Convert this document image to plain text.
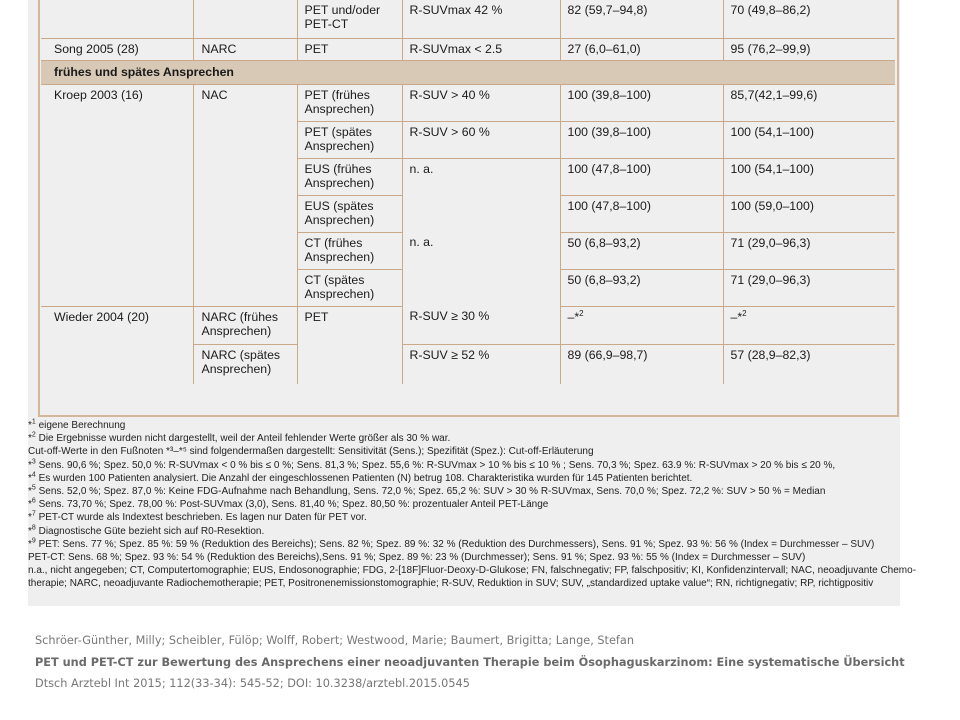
		PET und/oder PET-CT	R-SUVmax 42 %	82 (59,7–94,8)	70 (49,8–86,2)
Song 2005 (28)	NARC	PET	R-SUVmax < 2.5	27 (6,0–61,0)	95 (76,2–99,9)
frühes und spätes Ansprechen					
Kroep 2003 (16)	NAC	PET (frühes Ansprechen)	R-SUV > 40 %	100 (39,8–100)	85,7(42,1–99,6)
		PET (spätes Ansprechen)	R-SUV > 60 %	100 (39,8–100)	100 (54,1–100)
		EUS (frühes Ansprechen)	n. a.	100 (47,8–100)	100 (54,1–100)
		EUS (spätes Ansprechen)		100 (47,8–100)	100 (59,0–100)
		CT (frühes Ansprechen)	n. a.	50 (6,8–93,2)	71 (29,0–96,3)
		CT (spätes Ansprechen)		50 (6,8–93,2)	71 (29,0–96,3)
Wieder 2004 (20)	NARC (frühes Ansprechen)	PET	R-SUV ≥ 30 %	–*$^2$	–*$^2$
	NARC (spätes Ansprechen)		R-SUV ≥ 52 %	89 (66,9–98,7)	57 (28,9–82,3)
*$^1$ eigene Berechnung
*$^2$ Die Ergebnisse wurden nicht dargestellt, weil der Anteil fehlender Werte größer als 30 % war.
Cut-off-Werte in den Fußnoten *³–*⁵ sind folgendermaßen dargestellt: Sensitivität (Sens.); Spezifität (Spez.): Cut-off-Erläuterung
*$^3$ Sens. 90,6 %; Spez. 50,0 %: R-SUVmax < 0 % bis ≤ 0 %; Sens. 81,3 %; Spez. 55,6 %: R-SUVmax > 10 % bis ≤ 10 % ; Sens. 70,3 %; Spez. 63.9 %: R-SUVmax > 20 % bis ≤ 20 %,
*$^4$ Es wurden 100 Patienten analysiert. Die Anzahl der eingeschlossenen Patienten (N) betrug 108. Charakteristika wurden für 145 Patienten berichtet.
*$^5$ Sens. 52,0 %; Spez. 87,0 %: Keine FDG-Aufnahme nach Behandlung, Sens. 72,0 %; Spez. 65,2 %: SUV > 30 % R-SUVmax, Sens. 70,0 %; Spez. 72,2 %: SUV > 50 % = Median
*$^6$ Sens. 73,70 %; Spez. 78,00 %: Post-SUVmax (3,0), Sens. 81,40 %; Spez. 80,50 %: prozentualer Anteil PET-Länge
*$^7$ PET-CT wurde als Indextest beschrieben. Es lagen nur Daten für PET vor.
*$^8$ Diagnostische Güte bezieht sich auf R0-Resektion.
*$^9$ PET: Sens. 77 %; Spez. 85 %: 59 % (Reduktion des Bereichs); Sens. 82 %; Spez. 89 %: 32 % (Reduktion des Durchmessers), Sens. 91 %; Spez. 93 %: 56 % (Index = Durchmesser – SUV)
PET-CT: Sens. 68 %; Spez. 93 %: 54 % (Reduktion des Bereichs),Sens. 91 %; Spez. 89 %: 23 % (Durchmesser); Sens. 91 %; Spez. 93 %: 55 % (Index = Durchmesser – SUV)
n.a., nicht angegeben; CT, Computertomographie; EUS, Endosonographie; FDG, 2-[18F]Fluor-Deoxy-D-Glukose; FN, falschnegativ; FP, falschpositiv; KI, Konfidenzintervall; NAC, neoadjuvante Chemo-
therapie; NARC, neoadjuvante Radiochemotherapie; PET, Positronenemissionstomographie; R-SUV, Reduktion in SUV; SUV, „standardized uptake value“; RN, richtignegativ; RP, richtigpositiv
Schröer-Günther, Milly; Scheibler, Fülöp; Wolff, Robert; Westwood, Marie; Baumert, Brigitta; Lange, Stefan
PET und PET-CT zur Bewertung des Ansprechens einer neoadjuvanten Therapie beim Ösophaguskarzinom: Eine systematische Übersicht
Dtsch Arztebl Int 2015; 112(33-34): 545-52; DOI: 10.3238/arztebl.2015.0545
